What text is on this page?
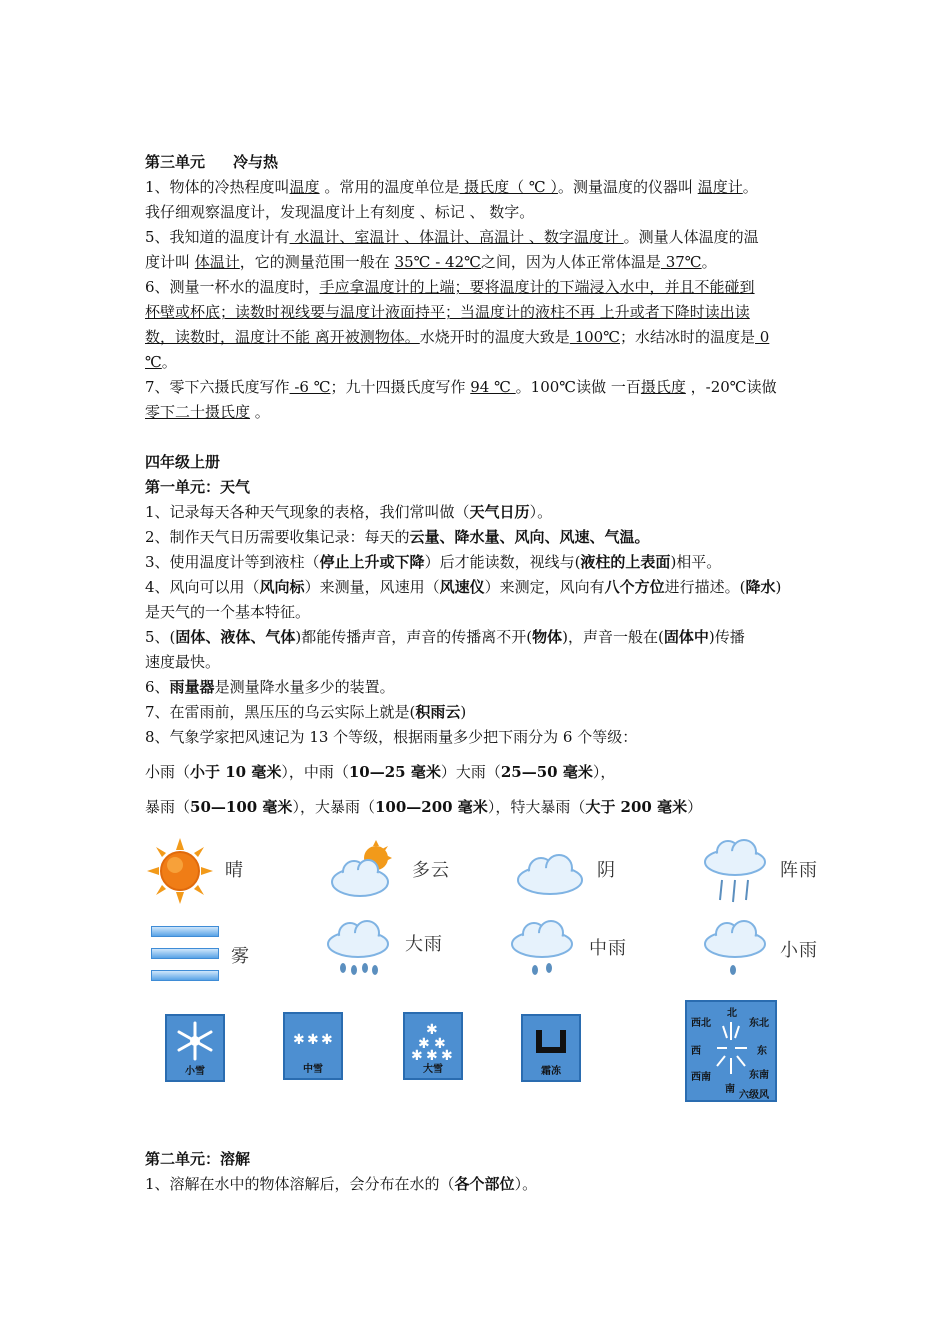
第三单元 冷与热
1、物体的冷热程度叫温度 。常用的温度单位是 摄氏度（ ℃ ）。测量温度的仪器叫 温度计。
我仔细观察温度计，发现温度计上有刻度 、标记 、 数字。
5、我知道的温度计有 水温计、室温计 、体温计、高温计 、数字温度计 。测量人体温度的温
度计叫 体温计，它的测量范围一般在 35℃ - 42℃之间，因为人体正常体温是 37℃。
6、测量一杯水的温度时，手应拿温度计的上端；要将温度计的下端浸入水中，并且不能碰到
杯壁或杯底；读数时视线要与温度计液面持平；当温度计的液柱不再 上升或者下降时读出读
数，读数时，温度计不能 离开被测物体。水烧开时的温度大致是 100℃；水结冰时的温度是 0
℃。
7、零下六摄氏度写作 -6 ℃；九十四摄氏度写作 94 ℃ 。100℃读做 一百摄氏度 ，-20℃读做
零下二十摄氏度 。
四年级上册
第一单元：天气
1、记录每天各种天气现象的表格，我们常叫做（天气日历）。
2、制作天气日历需要收集记录：每天的云量、降水量、风向、风速、气温。
3、使用温度计等到液柱（停止上升或下降）后才能读数，视线与(液柱的上表面)相平。
4、风向可以用（风向标）来测量，风速用（风速仪）来测定，风向有八个方位进行描述。(降水)
是天气的一个基本特征。
5、(固体、液体、气体)都能传播声音，声音的传播离不开(物体)，声音一般在(固体中)传播
速度最快。
6、雨量器是测量降水量多少的装置。
7、在雷雨前，黑压压的乌云实际上就是(积雨云)
8、气象学家把风速记为 13 个等级，根据雨量多少把下雨分为 6 个等级：
小雨（小于 10 毫米），中雨（10—25 毫米）大雨（25—50 毫米），
暴雨（50—100 毫米），大暴雨（100—200 毫米），特大暴雨（大于 200 毫米）
晴	多云	阴	阵雨
雾
大雨	中雨	小雨
小雪
✱ ✱ ✱
中雪
✱
✱ ✱
✱ ✱ ✱
大雪	霜冻
北
西北	东北
西	东
西南	东南
南
六级风
第二单元：溶解
1、溶解在水中的物体溶解后，会分布在水的（各个部位）。
